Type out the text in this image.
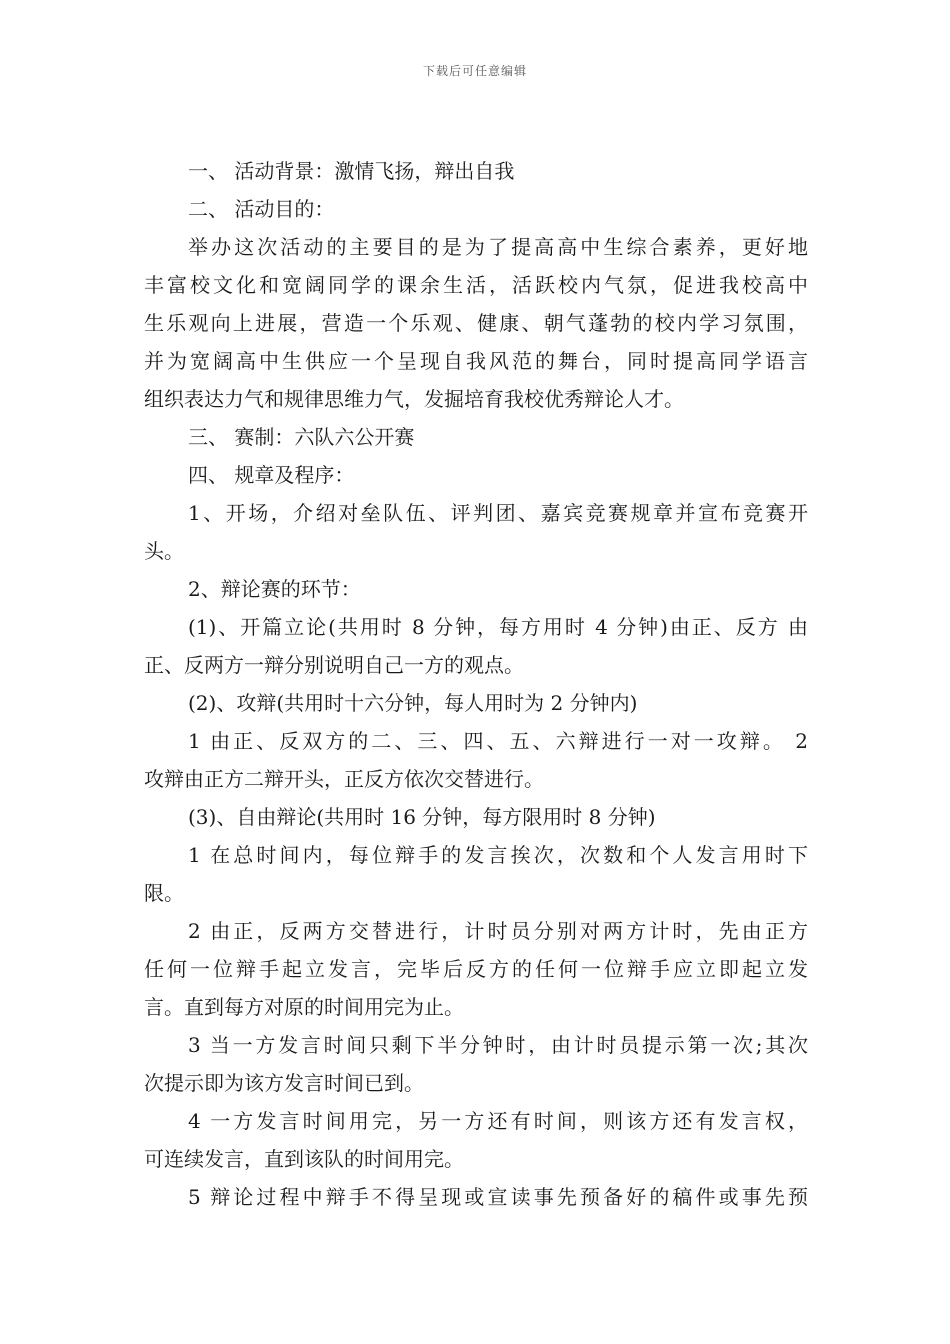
下载后可任意编辑
一、 活动背景：激情飞扬，辩出自我
二、 活动目的：
举办这次活动的主要目的是为了提高高中生综合素养，更好地
丰富校文化和宽阔同学的课余生活，活跃校内气氛，促进我校高中
生乐观向上进展，营造一个乐观、健康、朝气蓬勃的校内学习氛围，
并为宽阔高中生供应一个呈现自我风范的舞台，同时提高同学语言
组织表达力气和规律思维力气，发掘培育我校优秀辩论人才。
三、 赛制：六队六公开赛
四、 规章及程序：
1、开场，介绍对垒队伍、评判团、嘉宾竞赛规章并宣布竞赛开
头。
2、辩论赛的环节：
(1)、开篇立论(共用时 8 分钟，每方用时 4 分钟)由正、反方 由
正、反两方一辩分别说明自己一方的观点。
(2)、攻辩(共用时十六分钟，每人用时为 2 分钟内)
1 由正、反双方的二、三、四、五、六辩进行一对一攻辩。 2
攻辩由正方二辩开头，正反方依次交替进行。
(3)、自由辩论(共用时 16 分钟，每方限用时 8 分钟)
1 在总时间内，每位辩手的发言挨次，次数和个人发言用时下
限。
2 由正，反两方交替进行，计时员分别对两方计时，先由正方
任何一位辩手起立发言，完毕后反方的任何一位辩手应立即起立发
言。直到每方对原的时间用完为止。
3 当一方发言时间只剩下半分钟时，由计时员提示第一次;其次
次提示即为该方发言时间已到。
4 一方发言时间用完，另一方还有时间，则该方还有发言权，
可连续发言，直到该队的时间用完。
5 辩论过程中辩手不得呈现或宣读事先预备好的稿件或事先预
